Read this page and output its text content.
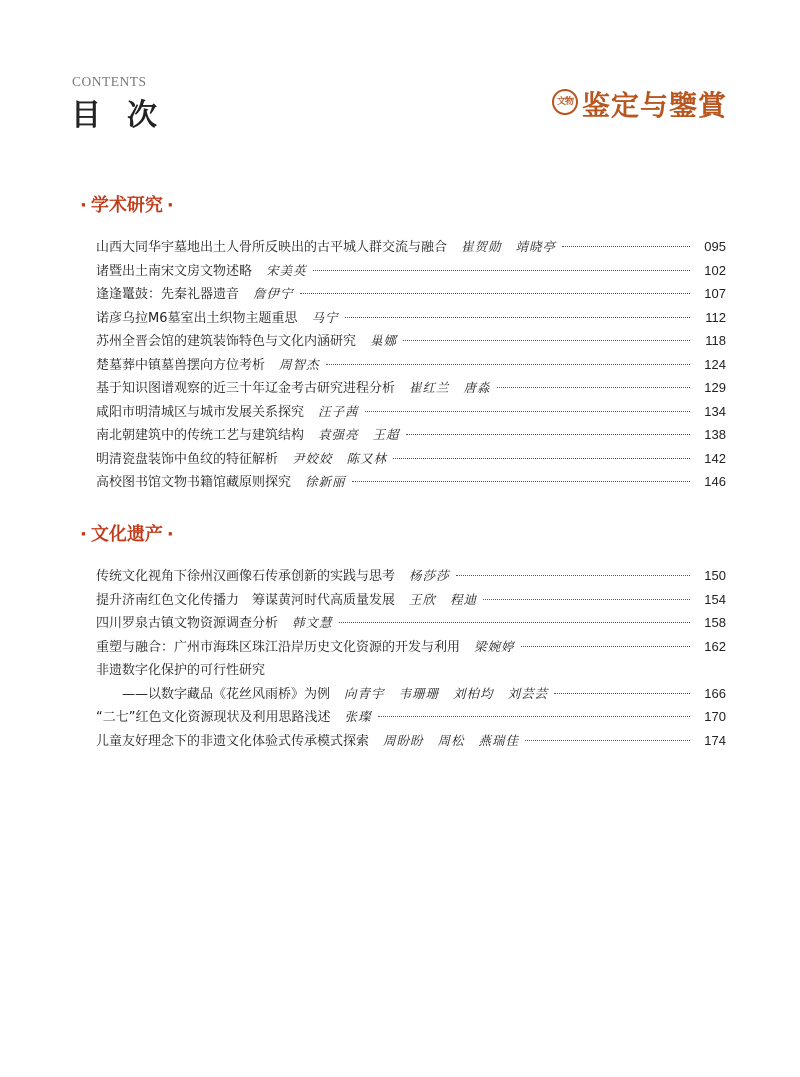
CONTENTS
目次	文物 鉴定与鑒賞
· 学术研究 ·
山西大同华宇墓地出土人骨所反映出的古平城人群交流与融合 崔贺勋 靖晓亭	095
诸暨出土南宋文房文物述略 宋美英	102
逢逢鼍鼓：先秦礼器遗音 詹伊宁	107
诺彦乌拉M6墓室出土织物主题重思 马宁	112
苏州全晋会馆的建筑装饰特色与文化内涵研究 巢娜	118
楚墓葬中镇墓兽摆向方位考析 周智杰	124
基于知识图谱观察的近三十年辽金考古研究进程分析 崔红兰 唐淼	129
咸阳市明清城区与城市发展关系探究 汪子茜	134
南北朝建筑中的传统工艺与建筑结构 袁强亮 王超	138
明清瓷盘装饰中鱼纹的特征解析 尹姣姣 陈又林	142
高校图书馆文物书籍馆藏原则探究 徐新丽	146
· 文化遗产 ·
传统文化视角下徐州汉画像石传承创新的实践与思考 杨莎莎	150
提升济南红色文化传播力　筹谋黄河时代高质量发展 王欣 程迪	154
四川罗泉古镇文物资源调查分析 韩文慧	158
重塑与融合：广州市海珠区珠江沿岸历史文化资源的开发与利用 梁婉婷	162
非遗数字化保护的可行性研究
——以数字藏品《花丝风雨桥》为例 向青宇 韦珊珊 刘柏均 刘芸芸	166
“二七”红色文化资源现状及利用思路浅述 张璨	170
儿童友好理念下的非遗文化体验式传承模式探索 周盼盼 周松 燕瑞佳	174
